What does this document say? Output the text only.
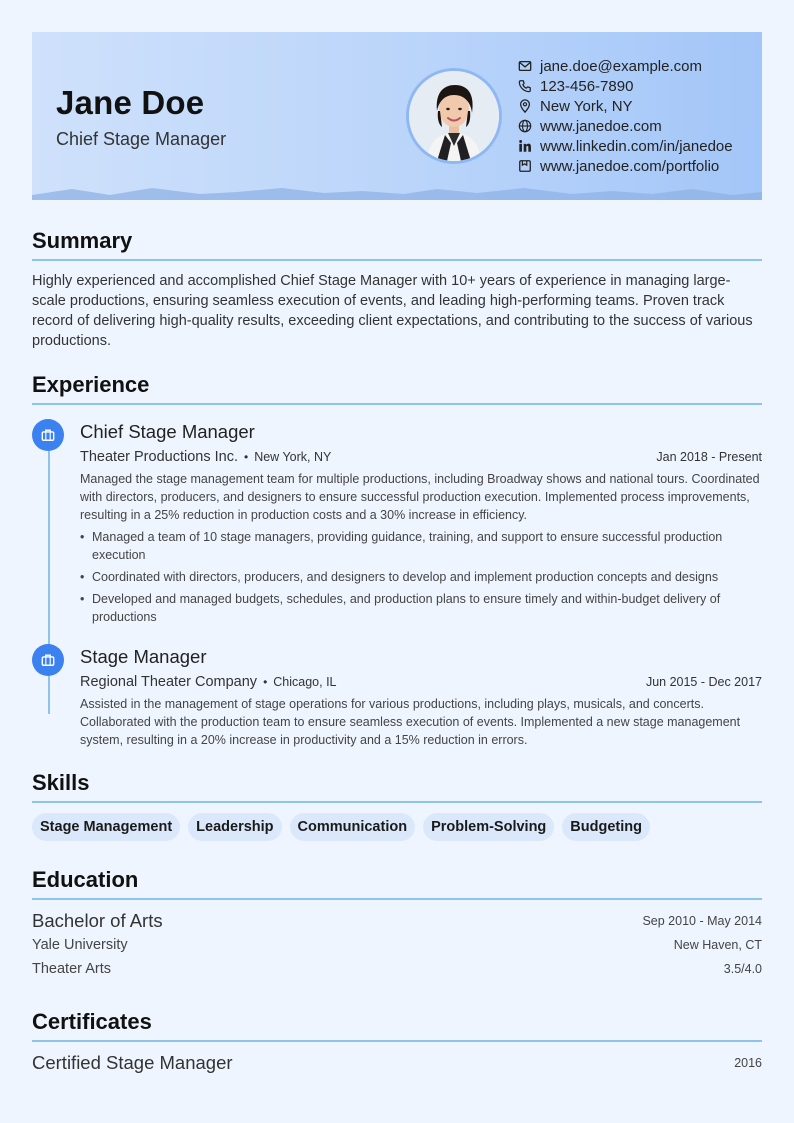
Jane Doe
Chief Stage Manager
jane.doe@example.com
123-456-7890
New York, NY
www.janedoe.com
www.linkedin.com/in/janedoe
www.janedoe.com/portfolio
Summary
Highly experienced and accomplished Chief Stage Manager with 10+ years of experience in managing large-scale productions, ensuring seamless execution of events, and leading high-performing teams. Proven track record of delivering high-quality results, exceeding client expectations, and contributing to the success of various productions.
Experience
Chief Stage Manager
Theater Productions Inc. • New York, NY	Jan 2018 - Present
Managed the stage management team for multiple productions, including Broadway shows and national tours. Coordinated with directors, producers, and designers to ensure successful production execution. Implemented process improvements, resulting in a 25% reduction in production costs and a 30% increase in efficiency.
• Managed a team of 10 stage managers, providing guidance, training, and support to ensure successful production execution
• Coordinated with directors, producers, and designers to develop and implement production concepts and designs
• Developed and managed budgets, schedules, and production plans to ensure timely and within-budget delivery of productions
Stage Manager
Regional Theater Company • Chicago, IL	Jun 2015 - Dec 2017
Assisted in the management of stage operations for various productions, including plays, musicals, and concerts. Collaborated with the production team to ensure seamless execution of events. Implemented a new stage management system, resulting in a 20% increase in productivity and a 15% reduction in errors.
Skills
Stage Management	Leadership	Communication	Problem-Solving	Budgeting
Education
Bachelor of Arts	Sep 2010 - May 2014
Yale University	New Haven, CT
Theater Arts	3.5/4.0
Certificates
Certified Stage Manager	2016
